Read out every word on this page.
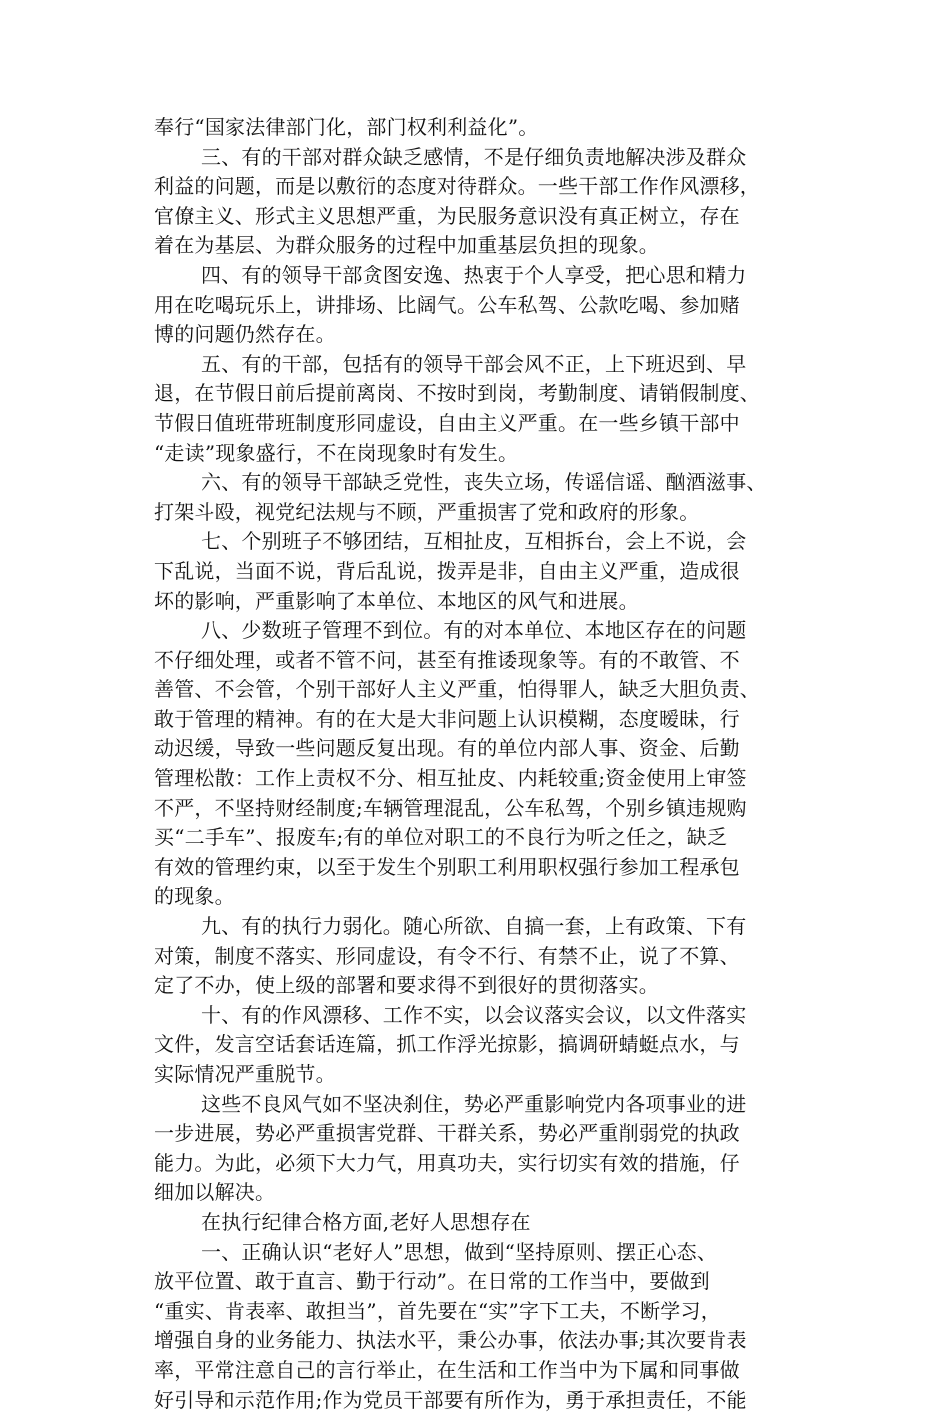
奉行“国家法律部门化，部门权利利益化”。
三、有的干部对群众缺乏感情，不是仔细负责地解决涉及群众
利益的问题，而是以敷衍的态度对待群众。一些干部工作作风漂移，
官僚主义、形式主义思想严重，为民服务意识没有真正树立，存在
着在为基层、为群众服务的过程中加重基层负担的现象。
四、有的领导干部贪图安逸、热衷于个人享受，把心思和精力
用在吃喝玩乐上，讲排场、比阔气。公车私驾、公款吃喝、参加赌
博的问题仍然存在。
五、有的干部，包括有的领导干部会风不正，上下班迟到、早
退，在节假日前后提前离岗、不按时到岗，考勤制度、请销假制度、
节假日值班带班制度形同虚设，自由主义严重。在一些乡镇干部中
“走读”现象盛行，不在岗现象时有发生。
六、有的领导干部缺乏党性，丧失立场，传谣信谣、酗酒滋事、
打架斗殴，视党纪法规与不顾，严重损害了党和政府的形象。
七、个别班子不够团结，互相扯皮，互相拆台，会上不说，会
下乱说，当面不说，背后乱说，拨弄是非，自由主义严重，造成很
坏的影响，严重影响了本单位、本地区的风气和进展。
八、少数班子管理不到位。有的对本单位、本地区存在的问题
不仔细处理，或者不管不问，甚至有推诿现象等。有的不敢管、不
善管、不会管，个别干部好人主义严重，怕得罪人，缺乏大胆负责、
敢于管理的精神。有的在大是大非问题上认识模糊，态度暧昧，行
动迟缓，导致一些问题反复出现。有的单位内部人事、资金、后勤
管理松散：工作上责权不分、相互扯皮、内耗较重;资金使用上审签
不严，不坚持财经制度;车辆管理混乱，公车私驾，个别乡镇违规购
买“二手车”、报废车;有的单位对职工的不良行为听之任之，缺乏
有效的管理约束，以至于发生个别职工利用职权强行参加工程承包
的现象。
九、有的执行力弱化。随心所欲、自搞一套，上有政策、下有
对策，制度不落实、形同虚设，有令不行、有禁不止，说了不算、
定了不办，使上级的部署和要求得不到很好的贯彻落实。
十、有的作风漂移、工作不实，以会议落实会议，以文件落实
文件，发言空话套话连篇，抓工作浮光掠影，搞调研蜻蜓点水，与
实际情况严重脱节。
这些不良风气如不坚决刹住，势必严重影响党内各项事业的进
一步进展，势必严重损害党群、干群关系，势必严重削弱党的执政
能力。为此，必须下大力气，用真功夫，实行切实有效的措施，仔
细加以解决。
在执行纪律合格方面,老好人思想存在
一、正确认识“老好人”思想，做到“坚持原则、摆正心态、
放平位置、敢于直言、勤于行动”。在日常的工作当中，要做到
“重实、肯表率、敢担当”，首先要在“实”字下工夫，不断学习，
增强自身的业务能力、执法水平，秉公办事，依法办事;其次要肯表
率，平常注意自己的言行举止，在生活和工作当中为下属和同事做
好引导和示范作用;作为党员干部要有所作为，勇于承担责任，不能
